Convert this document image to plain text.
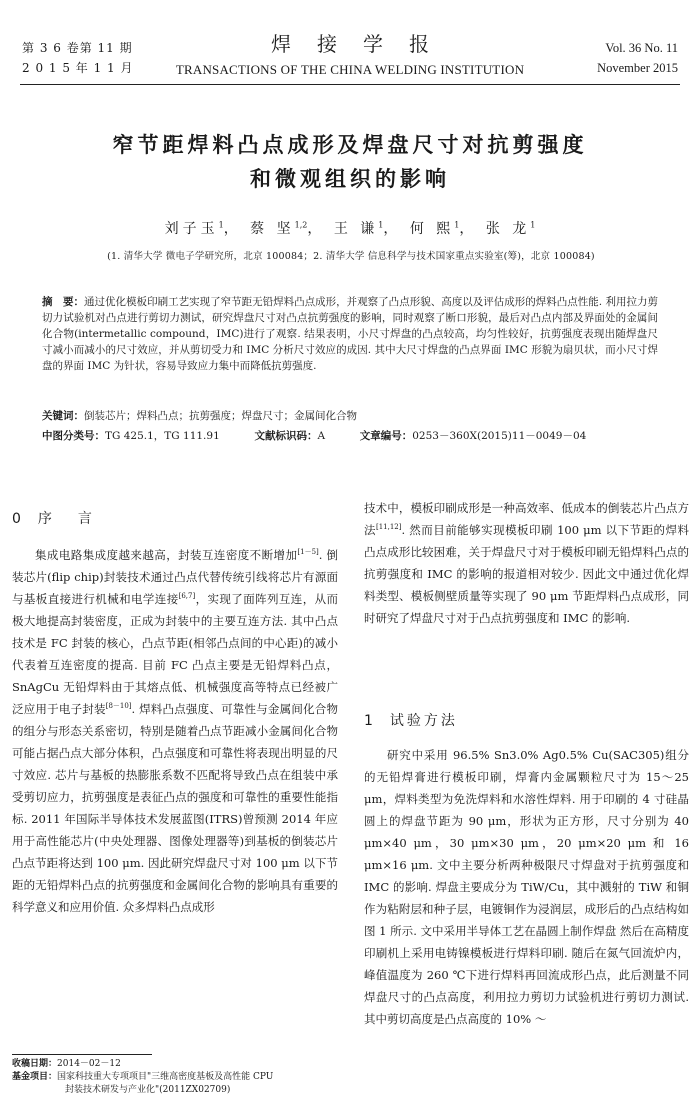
第 3 6 卷第 11 期
2 0 1 5 年 1 1 月
焊接学报
TRANSACTIONS OF THE CHINA WELDING INSTITUTION
Vol. 36 No. 11
November 2015
窄节距焊料凸点成形及焊盘尺寸对抗剪强度
和微观组织的影响
刘子玉$^1$， 蔡 坚$^{1,2}$， 王 谦$^1$， 何 熙$^1$， 张 龙$^1$
(1. 清华大学 微电子学研究所，北京 100084；2. 清华大学 信息科学与技术国家重点实验室(筹)，北京 100084)
摘　要：通过优化模板印刷工艺实现了窄节距无铅焊料凸点成形，并观察了凸点形貌、高度以及评估成形的焊料凸点性能. 利用拉力剪切力试验机对凸点进行剪切力测试，研究焊盘尺寸对凸点抗剪强度的影响，同时观察了断口形貌，最后对凸点内部及界面处的金属间化合物(intermetallic compound，IMC)进行了观察. 结果表明，小尺寸焊盘的凸点较高，均匀性较好，抗剪强度表现出随焊盘尺寸减小而减小的尺寸效应，并从剪切受力和 IMC 分析尺寸效应的成因. 其中大尺寸焊盘的凸点界面 IMC 形貌为扇贝状，而小尺寸焊盘的界面 IMC 为针状，容易导致应力集中而降低抗剪强度.
关键词：倒装芯片；焊料凸点；抗剪强度；焊盘尺寸；金属间化合物
中图分类号：TG 425.1，TG 111.91	文献标识码：A	文章编号：0253－360X(2015)11－0049－04
0 序言

集成电路集成度越来越高，封装互连密度不断增加[1－5]. 倒装芯片(flip chip)封装技术通过凸点代替传统引线将芯片有源面与基板直接进行机械和电学连接[6,7]，实现了面阵列互连，从而极大地提高封装密度，正成为封装中的主要互连方法. 其中凸点技术是 FC 封装的核心，凸点节距(相邻凸点间的中心距)的减小代表着互连密度的提高. 目前 FC 凸点主要是无铅焊料凸点，SnAgCu 无铅焊料由于其熔点低、机械强度高等特点已经被广泛应用于电子封装[8－10]. 焊料凸点强度、可靠性与金属间化合物的组分与形态关系密切，特别是随着凸点节距减小金属间化合物可能占据凸点大部分体积，凸点强度和可靠性将表现出明显的尺寸效应. 芯片与基板的热膨胀系数不匹配将导致凸点在组装中承受剪切应力，抗剪强度是表征凸点的强度和可靠性的重要性能指标. 2011 年国际半导体技术发展蓝图(ITRS)曾预测 2014 年应用于高性能芯片(中央处理器、图像处理器等)到基板的倒装芯片凸点节距将达到 100 μm. 因此研究焊盘尺寸对 100 μm 以下节距的无铅焊料凸点的抗剪强度和金属间化合物的影响具有重要的科学意义和应用价值. 众多焊料凸点成形

技术中，模板印刷成形是一种高效率、低成本的倒装芯片凸点方法[11,12]. 然而目前能够实现模板印刷 100 μm 以下节距的焊料凸点成形比较困难，关于焊盘尺寸对于模板印刷无铅焊料凸点的抗剪强度和 IMC 的影响的报道相对较少. 因此文中通过优化焊料类型、模板侧壁质量等实现了 90 μm 节距焊料凸点成形，同时研究了焊盘尺寸对于凸点抗剪强度和 IMC 的影响.

1 试验方法

研究中采用 96.5% Sn3.0% Ag0.5% Cu(SAC305)组分的无铅焊膏进行模板印刷，焊膏内金属颗粒尺寸为 15～25 μm，焊料类型为免洗焊料和水溶性焊料. 用于印刷的 4 寸硅晶圆上的焊盘节距为 90 μm，形状为正方形，尺寸分别为 40 μm×40 μm，30 μm×30 μm，20 μm×20 μm 和 16 μm×16 μm. 文中主要分析两种极限尺寸焊盘对于抗剪强度和 IMC 的影响. 焊盘主要成分为 TiW/Cu，其中溅射的 TiW 和铜作为粘附层和种子层，电镀铜作为浸润层，成形后的凸点结构如图 1 所示. 文中采用半导体工艺在晶圆上制作焊盘 然后在高精度印刷机上采用电铸镍模板进行焊料印刷. 随后在氮气回流炉内，峰值温度为 260 ℃下进行焊料再回流成形凸点，此后测量不同焊盘尺寸的凸点高度，利用拉力剪切力试验机进行剪切力测试. 其中剪切高度是凸点高度的 10% ～

收稿日期：2014－02－12
基金项目：国家科技重大专项项目"三维高密度基板及高性能 CPU
封装技术研发与产业化"(2011ZX02709)
